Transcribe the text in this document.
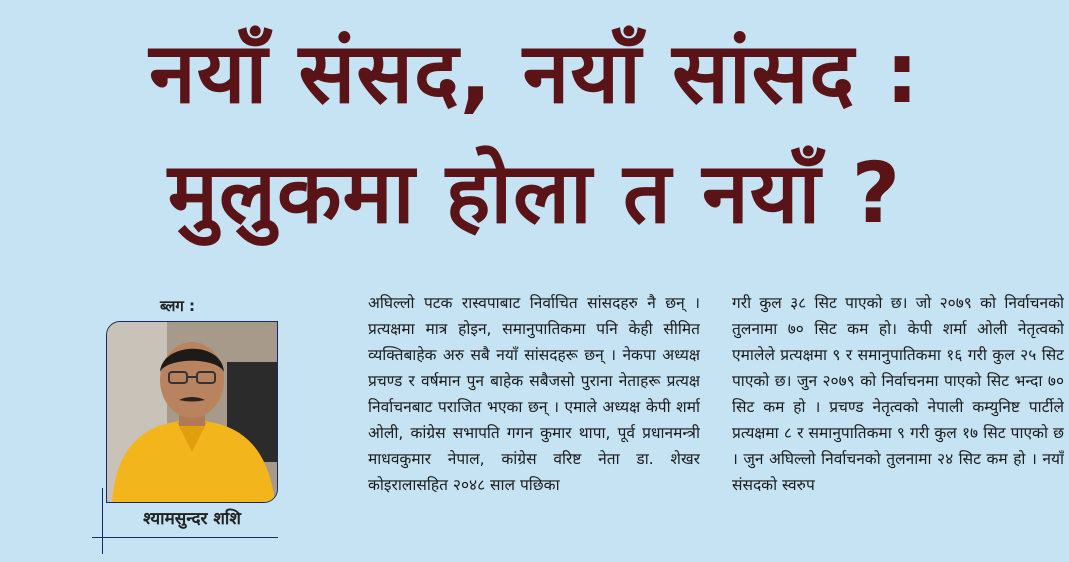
नयाँ संसद, नयाँ सांसद :
मुलुकमा होला त नयाँ ?
ब्लग :
श्यामसुन्दर शशि
अघिल्लो पटक रास्वपाबाट निर्वाचित सांसदहरु नै छन् । प्रत्यक्षमा मात्र होइन, समानुपातिकमा पनि केही सीमित व्यक्तिबाहेक अरु सबै नयाँ सांसदहरू छन् । नेकपा अध्यक्ष प्रचण्ड र वर्षमान पुन बाहेक सबैजसो पुराना नेताहरू प्रत्यक्ष निर्वाचनबाट पराजित भएका छन् । एमाले अध्यक्ष केपी शर्मा ओली, कांग्रेस सभापति गगन कुमार थापा, पूर्व प्रधानमन्त्री माधवकुमार नेपाल, कांग्रेस वरिष्ट नेता डा. शेखर कोइरालासहित २०४८ साल पछिका
गरी कुल ३८ सिट पाएको छ। जो २०७९ को निर्वाचनको तुलनामा ७० सिट कम हो। केपी शर्मा ओली नेतृत्वको एमालेले प्रत्यक्षमा ९ र समानुपातिकमा १६ गरी कुल २५ सिट पाएको छ। जुन २०७९ को निर्वाचनमा पाएको सिट भन्दा ७० सिट कम हो । प्रचण्ड नेतृत्वको नेपाली कम्युनिष्ट पार्टीले प्रत्यक्षमा ८ र समानुपातिकमा ९ गरी कुल १७ सिट पाएको छ । जुन अघिल्लो निर्वाचनको तुलनामा २४ सिट कम हो । नयाँ संसदको स्वरुप
